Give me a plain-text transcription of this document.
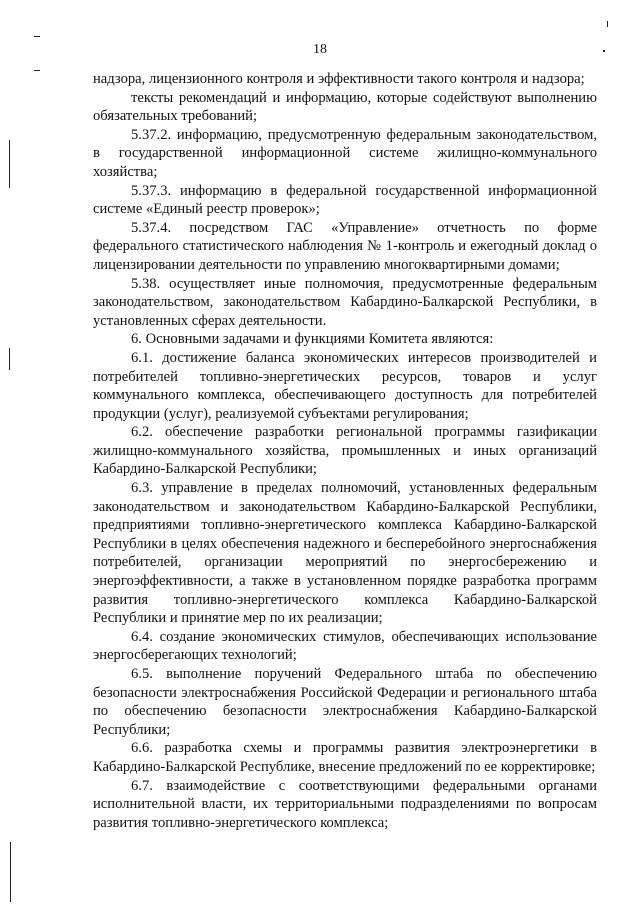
18

надзора, лицензионного контроля и эффективности такого контроля и надзора;

тексты рекомендаций и информацию, которые содействуют выполнению обязательных требований;

5.37.2. информацию, предусмотренную федеральным законодательством, в государственной информационной системе жилищно-коммунального хозяйства;

5.37.3. информацию в федеральной государственной информационной системе «Единый реестр проверок»;

5.37.4. посредством ГАС «Управление» отчетность по форме федерального статистического наблюдения № 1-контроль и ежегодный доклад о лицензировании деятельности по управлению многоквартирными домами;

5.38. осуществляет иные полномочия, предусмотренные федеральным законодательством, законодательством Кабардино-Балкарской Республики, в установленных сферах деятельности.

6. Основными задачами и функциями Комитета являются:

6.1. достижение баланса экономических интересов производителей и потребителей топливно-энергетических ресурсов, товаров и услуг коммунального комплекса, обеспечивающего доступность для потребителей продукции (услуг), реализуемой субъектами регулирования;

6.2. обеспечение разработки региональной программы газификации жилищно-коммунального хозяйства, промышленных и иных организаций Кабардино-Балкарской Республики;

6.3. управление в пределах полномочий, установленных федеральным законодательством и законодательством Кабардино-Балкарской Республики, предприятиями топливно-энергетического комплекса Кабардино-Балкарской Республики в целях обеспечения надежного и бесперебойного энергоснабжения потребителей, организации мероприятий по энергосбережению и энергоэффективности, а также в установленном порядке разработка программ развития топливно-энергетического комплекса Кабардино-Балкарской Республики и принятие мер по их реализации;

6.4. создание экономических стимулов, обеспечивающих использование энергосберегающих технологий;

6.5. выполнение поручений Федерального штаба по обеспечению безопасности электроснабжения Российской Федерации и регионального штаба по обеспечению безопасности электроснабжения Кабардино-Балкарской Республики;

6.6. разработка схемы и программы развития электроэнергетики в Кабардино-Балкарской Республике, внесение предложений по ее корректировке;

6.7. взаимодействие с соответствующими федеральными органами исполнительной власти, их территориальными подразделениями по вопросам развития топливно-энергетического комплекса;
